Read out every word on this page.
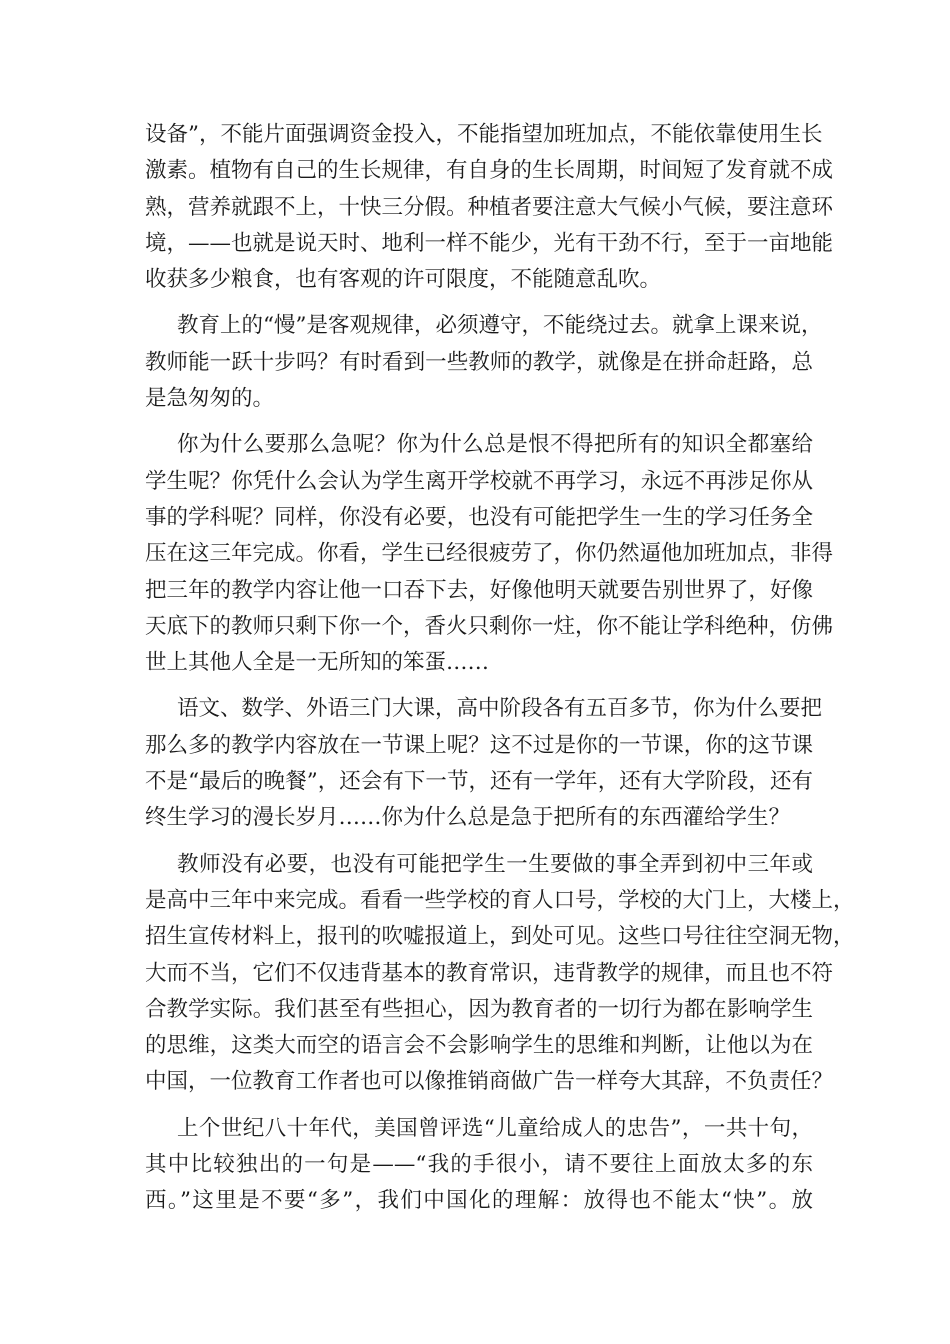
设备”，不能片面强调资金投入，不能指望加班加点，不能依靠使用生长
激素。植物有自己的生长规律，有自身的生长周期，时间短了发育就不成
熟，营养就跟不上，十快三分假。种植者要注意大气候小气候，要注意环
境，——也就是说天时、地利一样不能少，光有干劲不行，至于一亩地能
收获多少粮食，也有客观的许可限度，不能随意乱吹。
教育上的“慢”是客观规律，必须遵守，不能绕过去。就拿上课来说，
教师能一跃十步吗？有时看到一些教师的教学，就像是在拼命赶路，总
是急匆匆的。
你为什么要那么急呢？你为什么总是恨不得把所有的知识全都塞给
学生呢？你凭什么会认为学生离开学校就不再学习，永远不再涉足你从
事的学科呢？同样，你没有必要，也没有可能把学生一生的学习任务全
压在这三年完成。你看，学生已经很疲劳了，你仍然逼他加班加点，非得
把三年的教学内容让他一口吞下去，好像他明天就要告别世界了，好像
天底下的教师只剩下你一个，香火只剩你一炷，你不能让学科绝种，仿佛
世上其他人全是一无所知的笨蛋……
语文、数学、外语三门大课，高中阶段各有五百多节，你为什么要把
那么多的教学内容放在一节课上呢？这不过是你的一节课，你的这节课
不是“最后的晚餐”，还会有下一节，还有一学年，还有大学阶段，还有
终生学习的漫长岁月……你为什么总是急于把所有的东西灌给学生？
教师没有必要，也没有可能把学生一生要做的事全弄到初中三年或
是高中三年中来完成。看看一些学校的育人口号，学校的大门上，大楼上，
招生宣传材料上，报刊的吹嘘报道上，到处可见。这些口号往往空洞无物，
大而不当，它们不仅违背基本的教育常识，违背教学的规律，而且也不符
合教学实际。我们甚至有些担心，因为教育者的一切行为都在影响学生
的思维，这类大而空的语言会不会影响学生的思维和判断，让他以为在
中国，一位教育工作者也可以像推销商做广告一样夸大其辞，不负责任？
上个世纪八十年代，美国曾评选“儿童给成人的忠告”，一共十句，
其中比较独出的一句是——“我的手很小，请不要往上面放太多的东
西。”这里是不要“多”，我们中国化的理解：放得也不能太“快”。放
